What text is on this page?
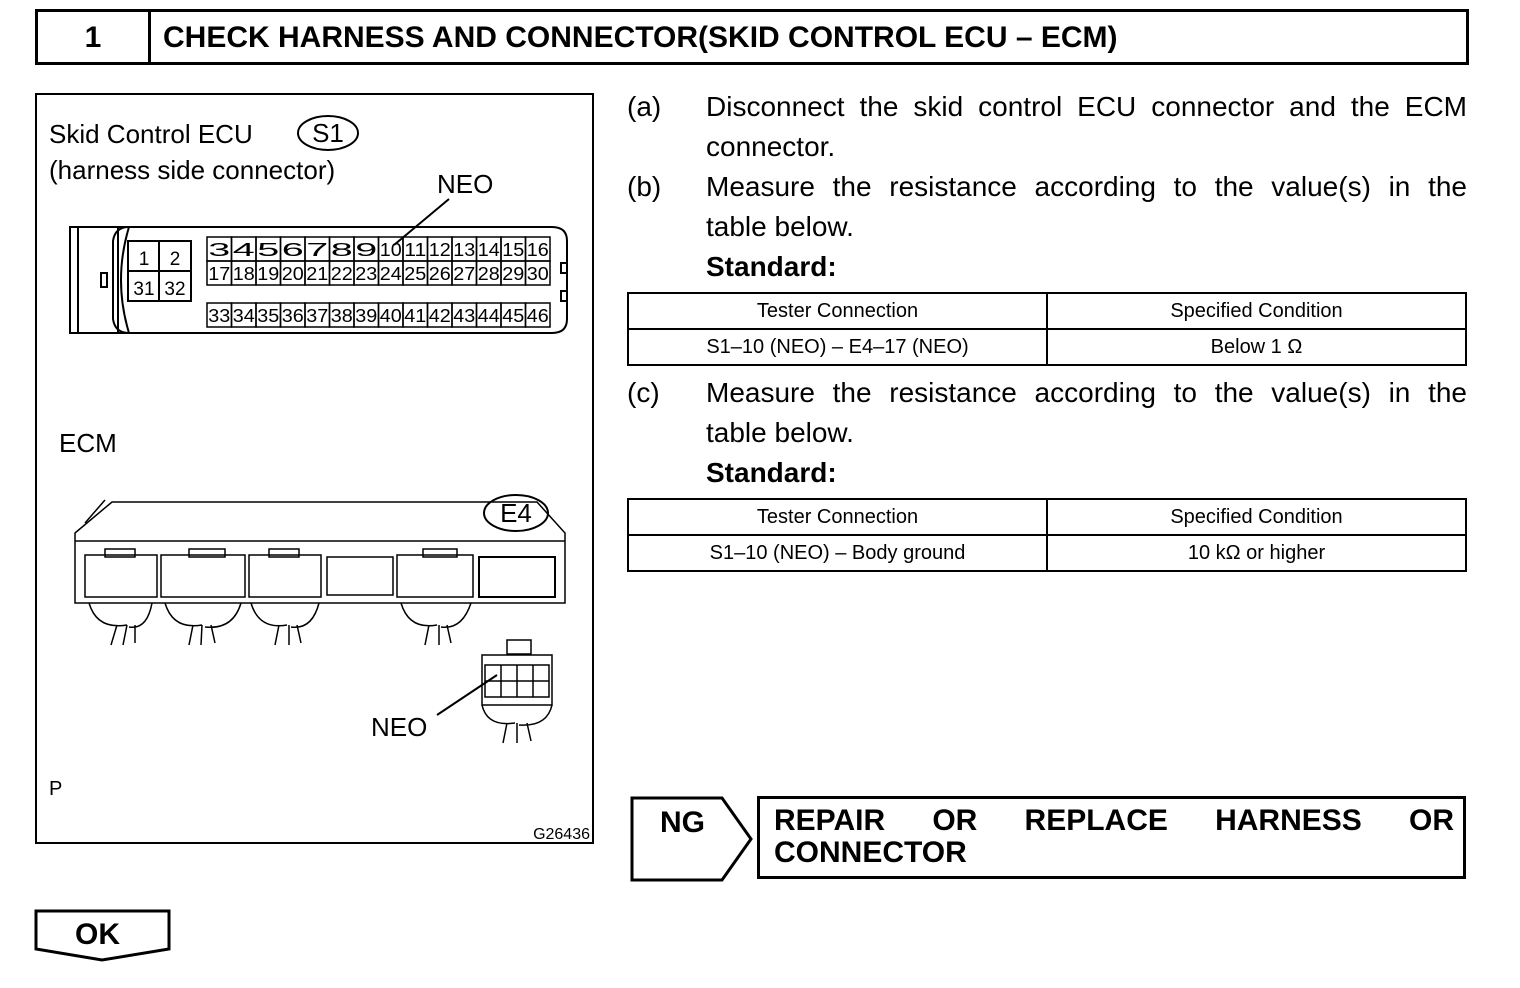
1	CHECK HARNESS AND CONNECTOR(SKID CONTROL ECU – ECM)
Skid Control ECU S1
(harness side connector)	NEO
1 2
31 32
3 4 5 6 7 8 9 10 11 12 13 14 15 16
17 18 19 20 21 22 23 24 25 26 27 28 29 30
33 34 35 36 37 38 39 40 41 42 43 44 45 46
ECM
E4
NEO
P
G26436
(a) Disconnect the skid control ECU connector and the ECM
connector.
(b) Measure the resistance according to the value(s) in the
table below.
Standard:
Tester Connection	Specified Condition
S1–10 (NEO) – E4–17 (NEO)	Below 1 Ω
(c) Measure the resistance according to the value(s) in the
table below.
Standard:
Tester Connection	Specified Condition
S1–10 (NEO) – Body ground	10 kΩ or higher
NG	REPAIR OR REPLACE HARNESS OR
CONNECTOR
OK
